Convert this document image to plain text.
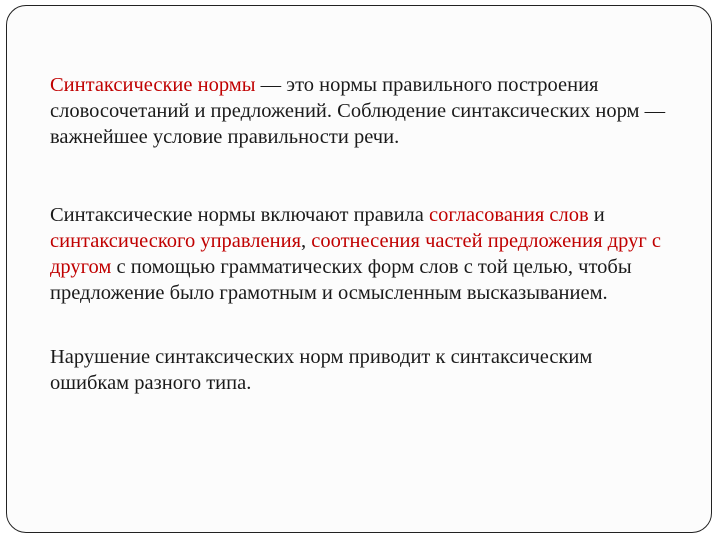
Синтаксические нормы — это нормы правильного построения словосочетаний и предложений. Соблюдение синтаксических норм — важнейшее условие правильности речи.

Синтаксические нормы включают правила согласования слов и синтаксического управления, соотнесения частей предложения друг с другом с помощью грамматических форм слов с той целью, чтобы предложение было грамотным и осмысленным высказыванием.

Нарушение синтаксических норм приводит к синтаксическим ошибкам разного типа.
